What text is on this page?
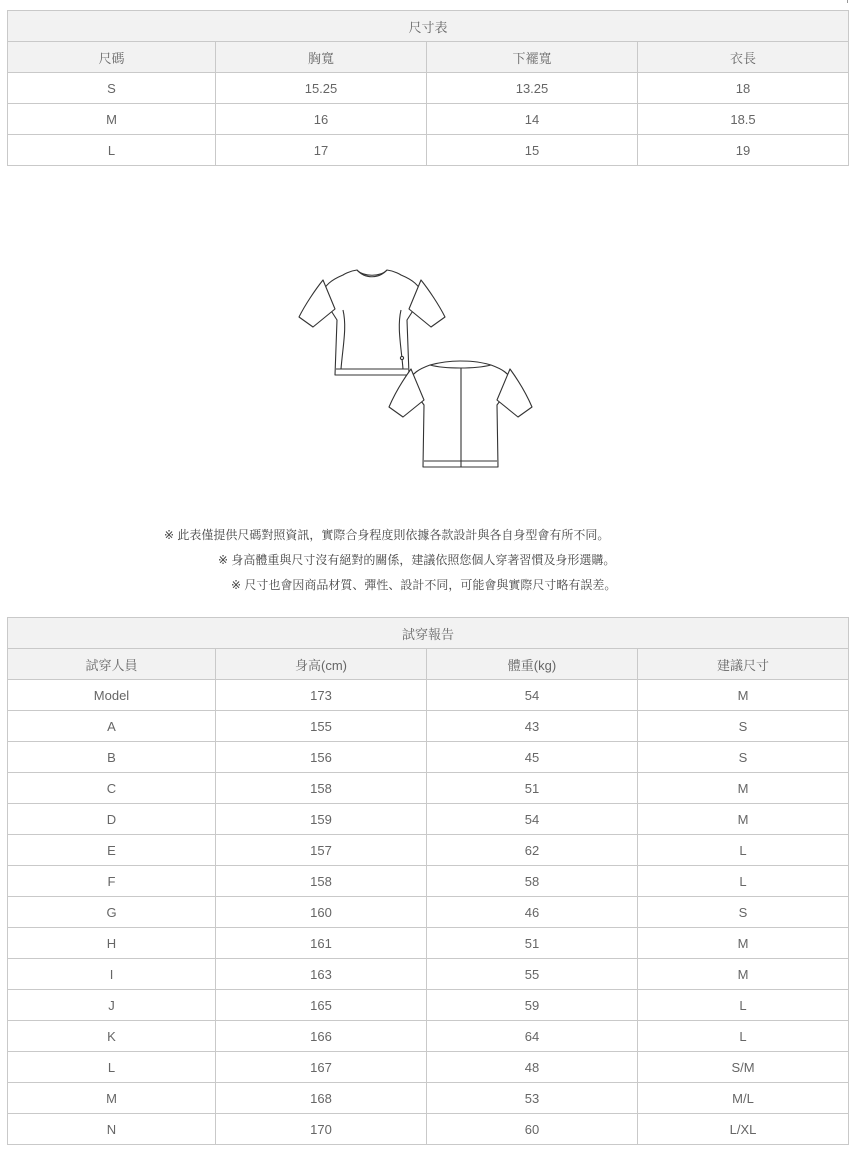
尺寸表			
尺碼	胸寬	下襬寬	衣長
S	15.25	13.25	18
M	16	14	18.5
L	17	15	19
※ 此表僅提供尺碼對照資訊，實際合身程度則依據各款設計與各自身型會有所不同。
※ 身高體重與尺寸沒有絕對的關係，建議依照您個人穿著習慣及身形選購。
※ 尺寸也會因商品材質、彈性、設計不同，可能會與實際尺寸略有誤差。
試穿報告			
試穿人員	身高(cm)	體重(kg)	建議尺寸
Model	173	54	M
A	155	43	S
B	156	45	S
C	158	51	M
D	159	54	M
E	157	62	L
F	158	58	L
G	160	46	S
H	161	51	M
I	163	55	M
J	165	59	L
K	166	64	L
L	167	48	S/M
M	168	53	M/L
N	170	60	L/XL
